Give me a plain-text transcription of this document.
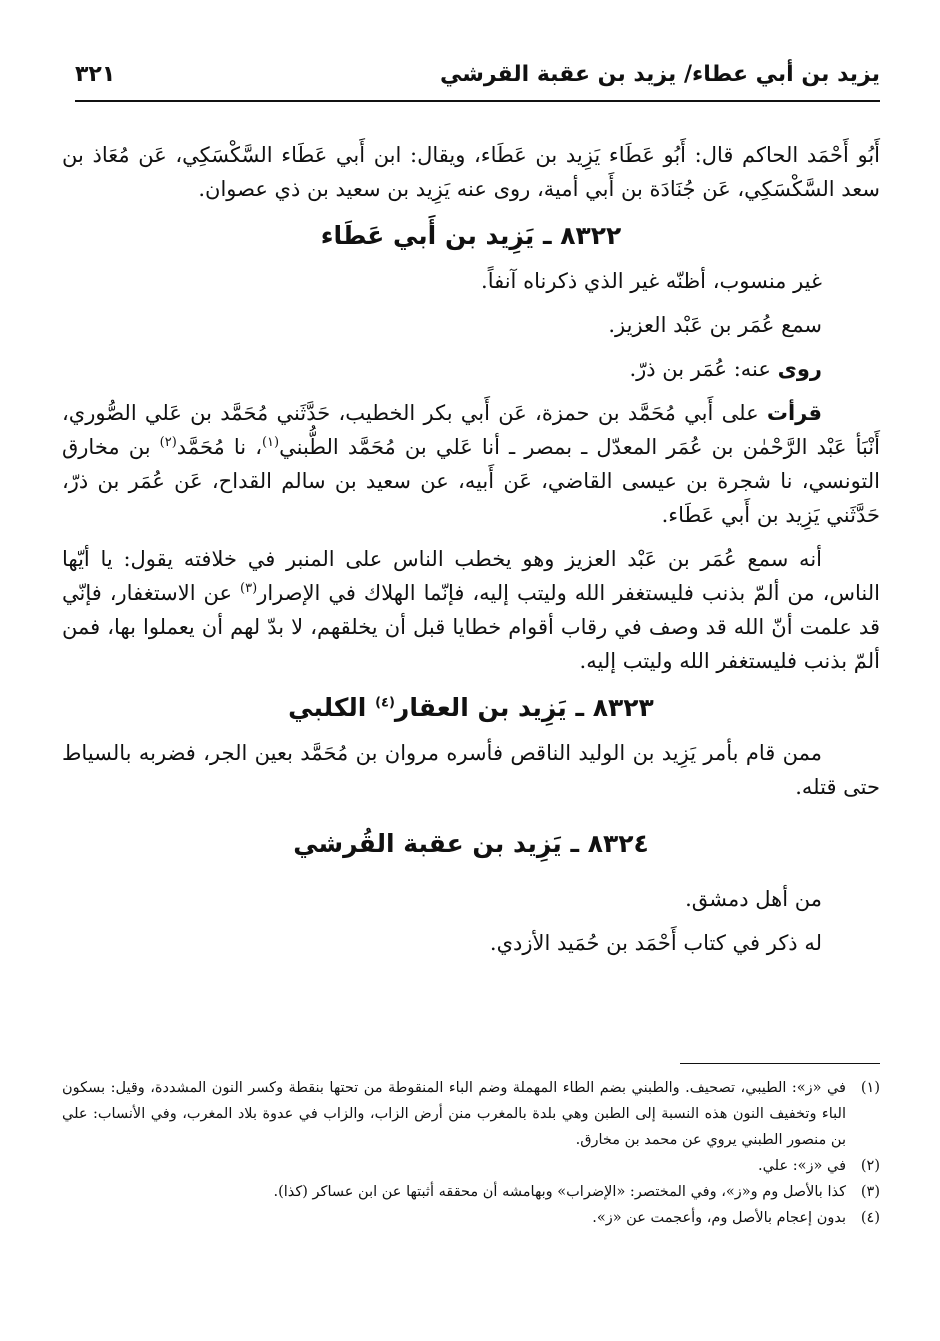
يزيد بن أبي عطاء/ يزيد بن عقبة القرشي
٣٢١

أَبُو أَحْمَد الحاكم قال: أَبُو عَطَاء يَزِيد بن عَطَاء، ويقال: ابن أَبي عَطَاء السَّكْسَكِي، عَن مُعَاذ بن سعد السَّكْسَكِي، عَن جُنَادَة بن أَبي أمية، روى عنه يَزِيد بن سعيد بن ذي عصوان.

٨٣٢٢ ـ يَزِيد بن أَبي عَطَاء

غير منسوب، أظنّه غير الذي ذكرناه آنفاً.

سمع عُمَر بن عَبْد العزيز.

روى عنه: عُمَر بن ذرّ.

قرأت على أَبي مُحَمَّد بن حمزة، عَن أَبي بكر الخطيب، حَدَّثَني مُحَمَّد بن عَلي الصُّوري، أَنْبَأ عَبْد الرَّحْمٰن بن عُمَر المعدّل ـ بمصر ـ أنا عَلي بن مُحَمَّد الطُّبني$^{(١)}$، نا مُحَمَّد$^{(٢)}$ بن مخارق التونسي، نا شجرة بن عيسى القاضي، عَن أَبيه، عن سعيد بن سالم القداح، عَن عُمَر بن ذرّ، حَدَّثَني يَزِيد بن أَبي عَطَاء.

أنه سمع عُمَر بن عَبْد العزيز وهو يخطب الناس على المنبر في خلافته يقول: يا أيّها الناس، من ألمّ بذنب فليستغفر الله وليتب إليه، فإنّما الهلاك في الإصرار$^{(٣)}$ عن الاستغفار، فإنّي قد علمت أنّ الله قد وصف في رقاب أقوام خطايا قبل أن يخلقهم، لا بدّ لهم أن يعملوا بها، فمن ألمّ بذنب فليستغفر الله وليتب إليه.

٨٣٢٣ ـ يَزِيد بن العقار$^{(٤)}$ الكلبي

ممن قام بأمر يَزِيد بن الوليد الناقص فأسره مروان بن مُحَمَّد بعين الجر، فضربه بالسياط حتى قتله.

٨٣٢٤ ـ يَزِيد بن عقبة القُرشي

من أهل دمشق.

له ذكر في كتاب أَحْمَد بن حُمَيد الأزدي.

(١)
في «ز»: الطيبي، تصحيف. والطبني بضم الطاء المهملة وضم الباء المنقوطة من تحتها بنقطة وكسر النون المشددة، وقيل: بسكون الباء وتخفيف النون هذه النسبة إلى الطبن وهي بلدة بالمغرب منن أرض الزاب، والزاب في عدوة بلاد المغرب، وفي الأنساب: علي بن منصور الطبني يروي عن محمد بن مخارق.
(٢)
في «ز»: علي.
(٣)
كذا بالأصل وم و«ز»، وفي المختصر: «الإضراب» وبهامشه أن محققه أثبتها عن ابن عساكر (كذا).
(٤)
بدون إعجام بالأصل وم، وأعجمت عن «ز».
